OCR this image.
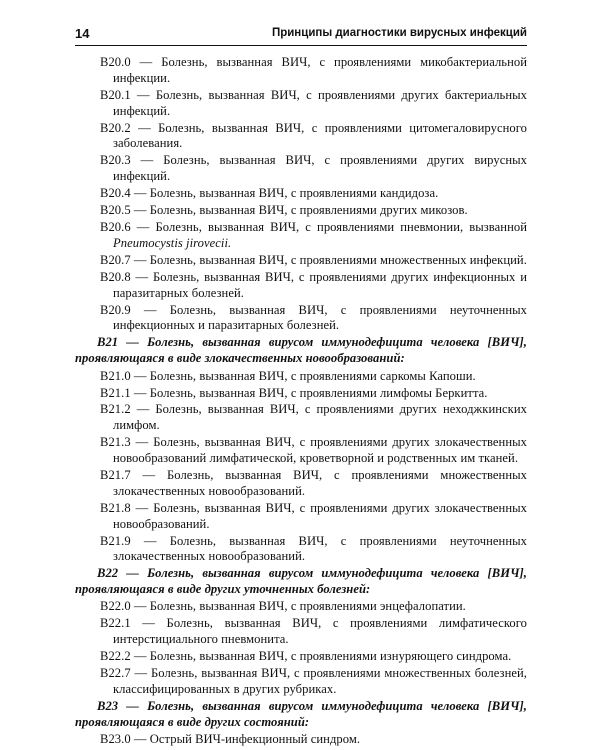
14	Принципы диагностики вирусных инфекций

B20.0 — Болезнь, вызванная ВИЧ, с проявлениями микобактериальной инфекции.

B20.1 — Болезнь, вызванная ВИЧ, с проявлениями других бактериальных инфекций.

B20.2 — Болезнь, вызванная ВИЧ, с проявлениями цитомегаловирусного заболевания.

B20.3 — Болезнь, вызванная ВИЧ, с проявлениями других вирусных инфекций.

B20.4 — Болезнь, вызванная ВИЧ, с проявлениями кандидоза.

B20.5 — Болезнь, вызванная ВИЧ, с проявлениями других микозов.

B20.6 — Болезнь, вызванная ВИЧ, с проявлениями пневмонии, вызванной Pneumocystis jirovecii.

B20.7 — Болезнь, вызванная ВИЧ, с проявлениями множественных инфекций.

B20.8 — Болезнь, вызванная ВИЧ, с проявлениями других инфекционных и паразитарных болезней.

B20.9 — Болезнь, вызванная ВИЧ, с проявлениями неуточненных инфекционных и паразитарных болезней.

B21 — Болезнь, вызванная вирусом иммунодефицита человека [ВИЧ], проявляющаяся в виде злокачественных новообразований:

B21.0 — Болезнь, вызванная ВИЧ, с проявлениями саркомы Капоши.

B21.1 — Болезнь, вызванная ВИЧ, с проявлениями лимфомы Беркитта.

B21.2 — Болезнь, вызванная ВИЧ, с проявлениями других неходжкинских лимфом.

B21.3 — Болезнь, вызванная ВИЧ, с проявлениями других злокачественных новообразований лимфатической, кроветворной и родственных им тканей.

B21.7 — Болезнь, вызванная ВИЧ, с проявлениями множественных злокачественных новообразований.

B21.8 — Болезнь, вызванная ВИЧ, с проявлениями других злокачественных новообразований.

B21.9 — Болезнь, вызванная ВИЧ, с проявлениями неуточненных злокачественных новообразований.

B22 — Болезнь, вызванная вирусом иммунодефицита человека [ВИЧ], проявляющаяся в виде других уточненных болезней:

B22.0 — Болезнь, вызванная ВИЧ, с проявлениями энцефалопатии.

B22.1 — Болезнь, вызванная ВИЧ, с проявлениями лимфатического интерстициального пневмонита.

B22.2 — Болезнь, вызванная ВИЧ, с проявлениями изнуряющего синдрома.

B22.7 — Болезнь, вызванная ВИЧ, с проявлениями множественных болезней, классифицированных в других рубриках.

B23 — Болезнь, вызванная вирусом иммунодефицита человека [ВИЧ], проявляющаяся в виде других состояний:

B23.0 — Острый ВИЧ-инфекционный синдром.
